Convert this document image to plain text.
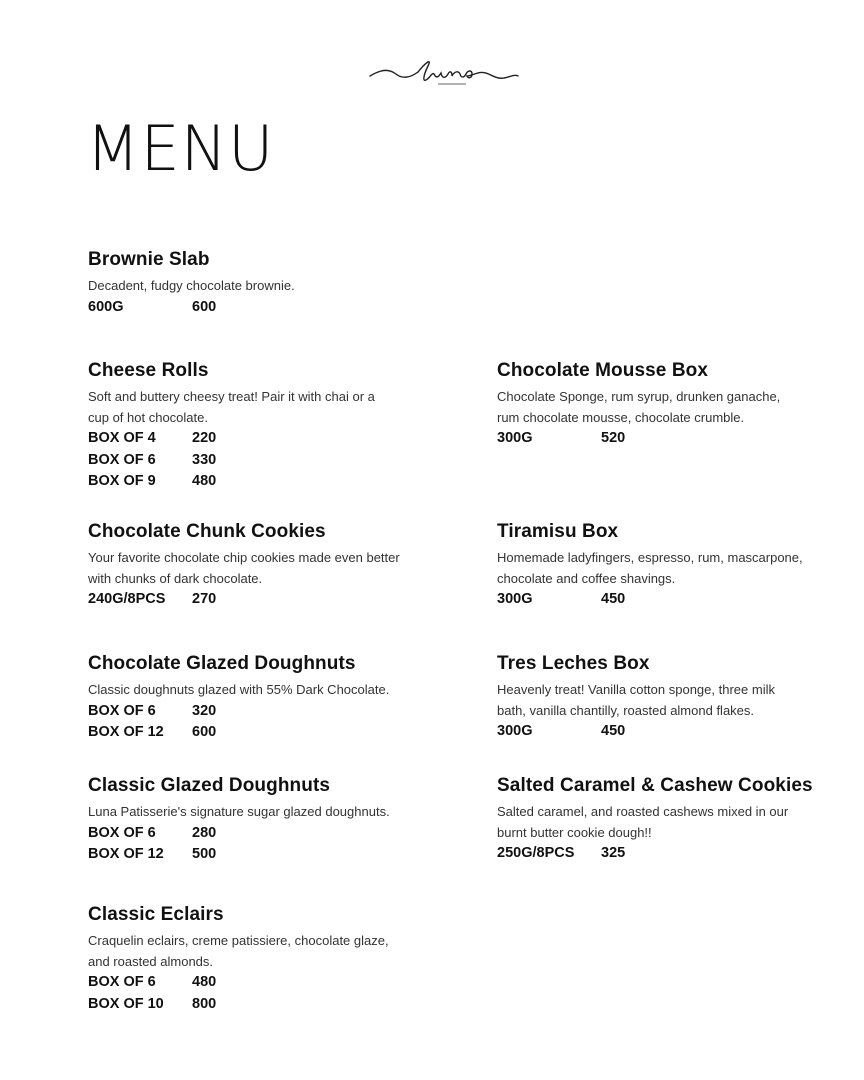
MENU
Brownie Slab
Decadent, fudgy chocolate brownie.
600G	600
Cheese Rolls
Soft and buttery cheesy treat! Pair it with chai or a
cup of hot chocolate.
BOX OF 4	220
BOX OF 6	330
BOX OF 9	480
Chocolate Chunk Cookies
Your favorite chocolate chip cookies made even better
with chunks of dark chocolate.
240G/8PCS	270
Chocolate Glazed Doughnuts
Classic doughnuts glazed with 55% Dark Chocolate.
BOX OF 6	320
BOX OF 12	600
Classic Glazed Doughnuts
Luna Patisserie's signature sugar glazed doughnuts.
BOX OF 6	280
BOX OF 12	500
Classic Eclairs
Craquelin eclairs, creme patissiere, chocolate glaze,
and roasted almonds.
BOX OF 6	480
BOX OF 10	800
Chocolate Mousse Box
Chocolate Sponge, rum syrup, drunken ganache,
rum chocolate mousse, chocolate crumble.
300G	520
Tiramisu Box
Homemade ladyfingers, espresso, rum, mascarpone,
chocolate and coffee shavings.
300G	450
Tres Leches Box
Heavenly treat! Vanilla cotton sponge, three milk
bath, vanilla chantilly, roasted almond flakes.
300G	450
Salted Caramel & Cashew Cookies
Salted caramel, and roasted cashews mixed in our
burnt butter cookie dough!!
250G/8PCS	325
